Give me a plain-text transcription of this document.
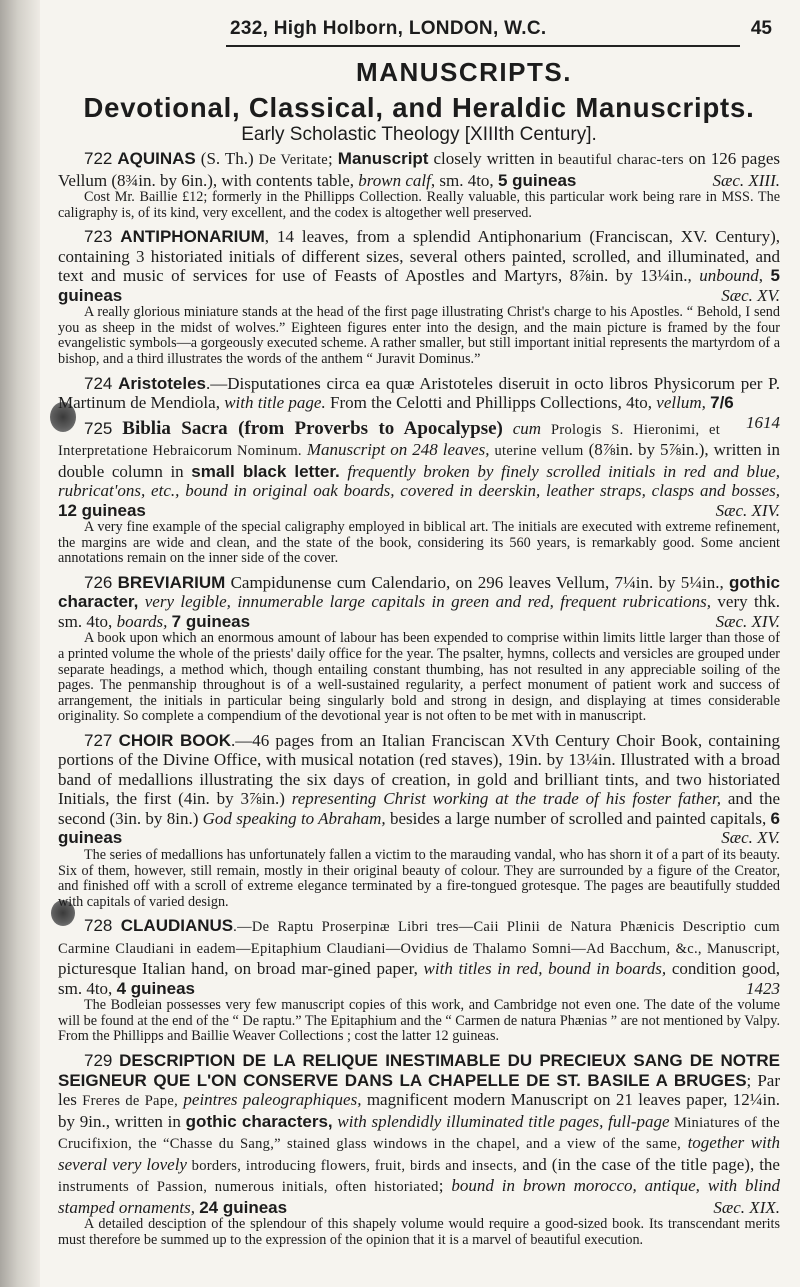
232, High Holborn, LONDON, W.C.	45
MANUSCRIPTS.
Devotional, Classical, and Heraldic Manuscripts.
Early Scholastic Theology [XIIIth Century].

722 AQUINAS (S. Th.) De Veritate; Manuscript closely written in beautiful charac-ters on 126 pages Vellum (8¾in. by 6in.), with contents table, brown calf, sm. 4to, 5 guineas	Sæc. XIII.

Cost Mr. Baillie £12; formerly in the Phillipps Collection. Really valuable, this particular work being rare in MSS. The caligraphy is, of its kind, very excellent, and the codex is altogether well preserved.

723 ANTIPHONARIUM, 14 leaves, from a splendid Antiphonarium (Franciscan, XV. Century), containing 3 historiated initials of different sizes, several others painted, scrolled, and illuminated, and text and music of services for use of Feasts of Apostles and Martyrs, 8⅞in. by 13¼in., unbound, 5 guineas	Sæc. XV.

A really glorious miniature stands at the head of the first page illustrating Christ's charge to his Apostles. “ Behold, I send you as sheep in the midst of wolves.” Eighteen figures enter into the design, and the main picture is framed by the four evangelistic symbols—a gorgeously executed scheme. A rather smaller, but still important initial represents the martyrdom of a bishop, and a third illustrates the words of the anthem “ Juravit Dominus.”

724 Aristoteles.—Disputationes circa ea quæ Aristoteles diseruit in octo libros Physicorum per P. Martinum de Mendiola, with title page. From the Celotti and Phillipps Collections, 4to, vellum, 7/6
1614

725 Biblia Sacra (from Proverbs to Apocalypse) cum Prologis S. Hieronimi, et Interpretatione Hebraicorum Nominum. Manuscript on 248 leaves, uterine vellum (8⅞in. by 5⅞in.), written in double column in small black letter. frequently broken by finely scrolled initials in red and blue, rubricat'ons, etc., bound in original oak boards, covered in deerskin, leather straps, clasps and bosses, 12 guineas	Sæc. XIV.

A very fine example of the special caligraphy employed in biblical art. The initials are executed with extreme refinement, the margins are wide and clean, and the state of the book, considering its 560 years, is remarkably good. Some ancient annotations remain on the inner side of the cover.

726 BREVIARIUM Campidunense cum Calendario, on 296 leaves Vellum, 7¼in. by 5¼in., gothic character, very legible, innumerable large capitals in green and red, frequent rubrications, very thk. sm. 4to, boards, 7 guineas	Sæc. XIV.

A book upon which an enormous amount of labour has been expended to comprise within limits little larger than those of a printed volume the whole of the priests' daily office for the year. The psalter, hymns, collects and versicles are grouped under separate headings, a method which, though entailing constant thumbing, has not resulted in any appreciable soiling of the pages. The penmanship throughout is of a well-sustained regularity, a perfect monument of patient work and success of arrangement, the initials in particular being singularly bold and strong in design, and displaying at times considerable originality. So complete a compendium of the devotional year is not often to be met with in manuscript.

727 CHOIR BOOK.—46 pages from an Italian Franciscan XVth Century Choir Book, containing portions of the Divine Office, with musical notation (red staves), 19in. by 13¼in. Illustrated with a broad band of medallions illustrating the six days of creation, in gold and brilliant tints, and two historiated Initials, the first (4in. by 3⅞in.) representing Christ working at the trade of his foster father, and the second (3in. by 8in.) God speaking to Abraham, besides a large number of scrolled and painted capitals, 6 guineas	Sæc. XV.

The series of medallions has unfortunately fallen a victim to the marauding vandal, who has shorn it of a part of its beauty. Six of them, however, still remain, mostly in their original beauty of colour. They are surrounded by a figure of the Creator, and finished off with a scroll of extreme elegance terminated by a fire-tongued grotesque. The pages are beautifully studded with capitals of varied design.

728 CLAUDIANUS.—De Raptu Proserpinæ Libri tres—Caii Plinii de Natura Phænicis Descriptio cum Carmine Claudiani in eadem—Epitaphium Claudiani—Ovidius de Thalamo Somni—Ad Bacchum, &c., Manuscript, picturesque Italian hand, on broad mar-gined paper, with titles in red, bound in boards, condition good, sm. 4to, 4 guineas	1423

The Bodleian possesses very few manuscript copies of this work, and Cambridge not even one. The date of the volume will be found at the end of the “ De raptu.” The Epitaphium and the “ Carmen de natura Phænias ” are not mentioned by Valpy. From the Phillipps and Baillie Weaver Collections ; cost the latter 12 guineas.

729 DESCRIPTION DE LA RELIQUE INESTIMABLE DU PRECIEUX SANG DE NOTRE SEIGNEUR QUE L'ON CONSERVE DANS LA CHAPELLE DE ST. BASILE A BRUGES; Par les Freres de Pape, peintres paleographiques, magnificent modern Manuscript on 21 leaves paper, 12¼in. by 9in., written in gothic characters, with splendidly illuminated title pages, full-page Miniatures of the Crucifixion, the “Chasse du Sang,” stained glass windows in the chapel, and a view of the same, together with several very lovely borders, introducing flowers, fruit, birds and insects, and (in the case of the title page), the instruments of Passion, numerous initials, often historiated; bound in brown morocco, antique, with blind stamped ornaments, 24 guineas	Sæc. XIX.

A detailed desciption of the splendour of this shapely volume would require a good-sized book. Its transcendant merits must therefore be summed up to the expression of the opinion that it is a marvel of beautiful execution.
